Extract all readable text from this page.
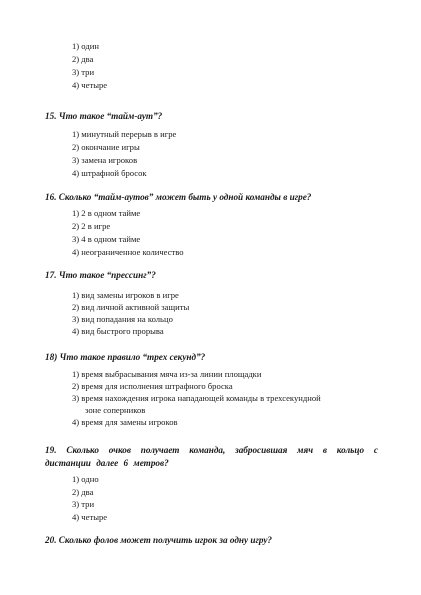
1) один
2) два
3) три
4) четыре
15. Что такое “тайм-аут”?
1) минутный перерыв в игре
2) окончание игры
3) замена игроков
4) штрафной бросок
16. Сколько “тайм-аутов” может быть у одной команды в игре?
1) 2 в одном тайме
2) 2 в игре
3) 4 в одном тайме
4) неограниченное количество
17. Что такое “прессинг”?
1) вид замены игроков в игре
2) вид личной активной защиты
3) вид попадания на кольцо
4) вид быстрого прорыва
18) Что такое правило “трех секунд”?
1) время выбрасывания мяча из-за линии площадки
2) время для исполнения штрафного броска
3) время нахождения игрока нападающей команды в трехсекундной
зоне соперников
4) время для замены игроков
19. Сколько очков получает команда, забросившая мяч в кольцо с дистанции далее 6 метров?
1) одно
2) два
3) три
4) четыре
20. Сколько фолов может получить игрок за одну игру?
